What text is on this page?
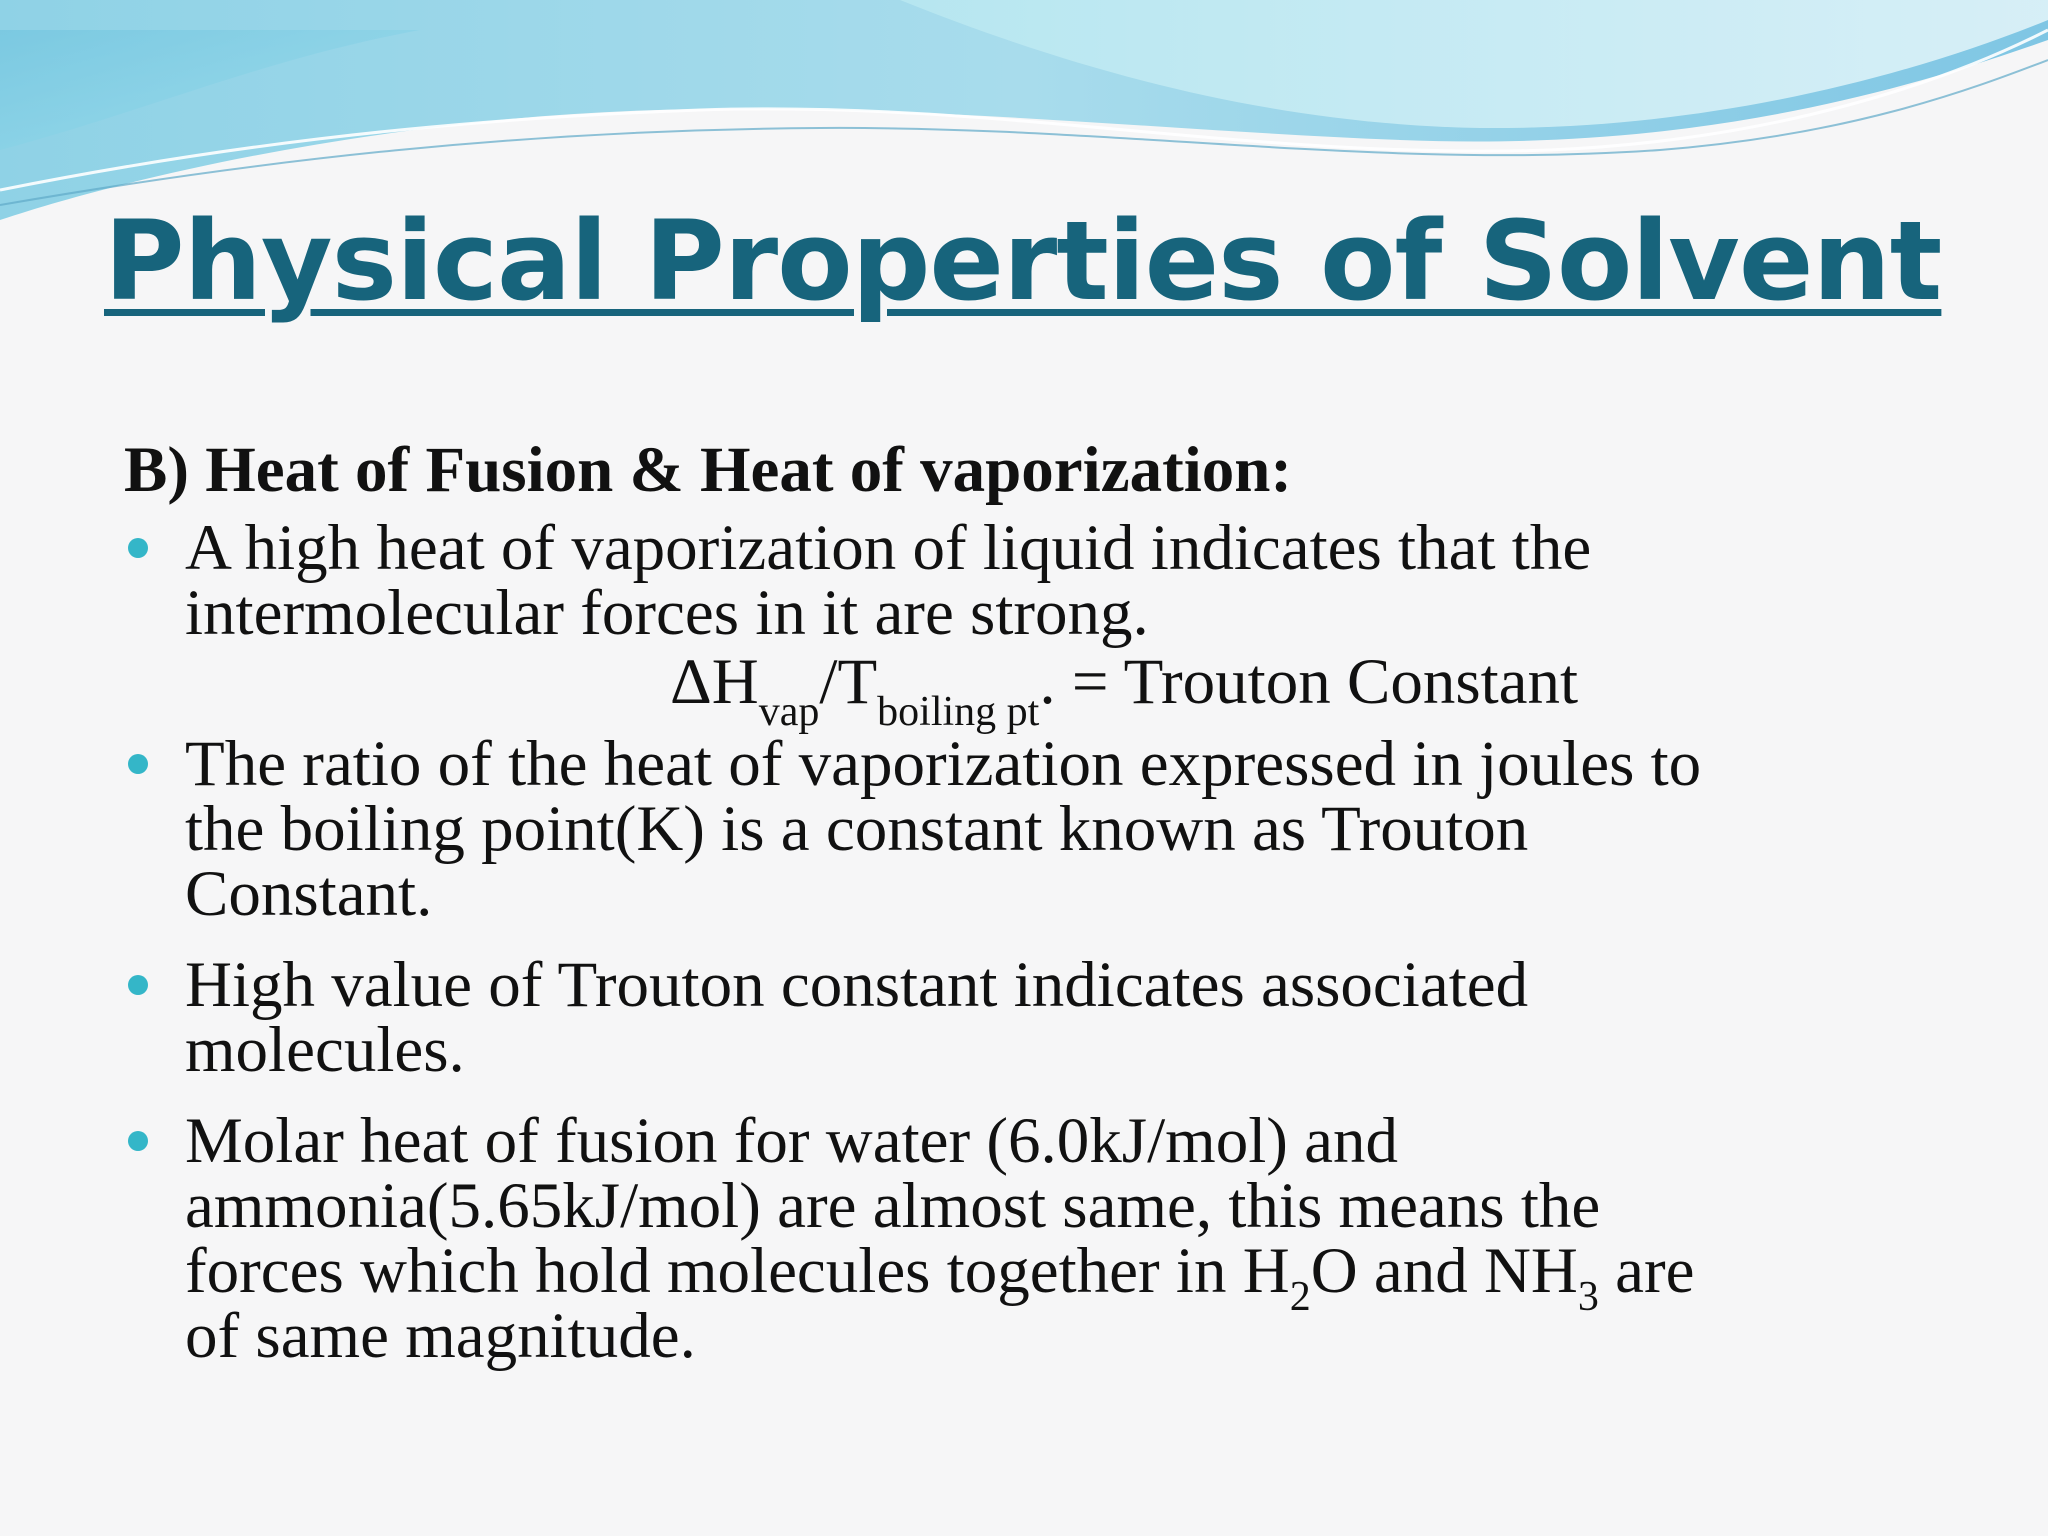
Physical Properties of Solvent
B) Heat of Fusion & Heat of vaporization:
A high heat of vaporization of liquid indicates that the
intermolecular forces in it are strong.
$\Delta H_{vap}/T_{boiling pt}$. = Trouton Constant
The ratio of the heat of vaporization expressed in joules to
the boiling point(K) is a constant known as Trouton
Constant.
High value of Trouton constant indicates associated
molecules.
Molar heat of fusion for water (6.0kJ/mol) and
ammonia(5.65kJ/mol) are almost same, this means the
forces which hold molecules together in $H_2O$ and $NH_3$ are
of same magnitude.
